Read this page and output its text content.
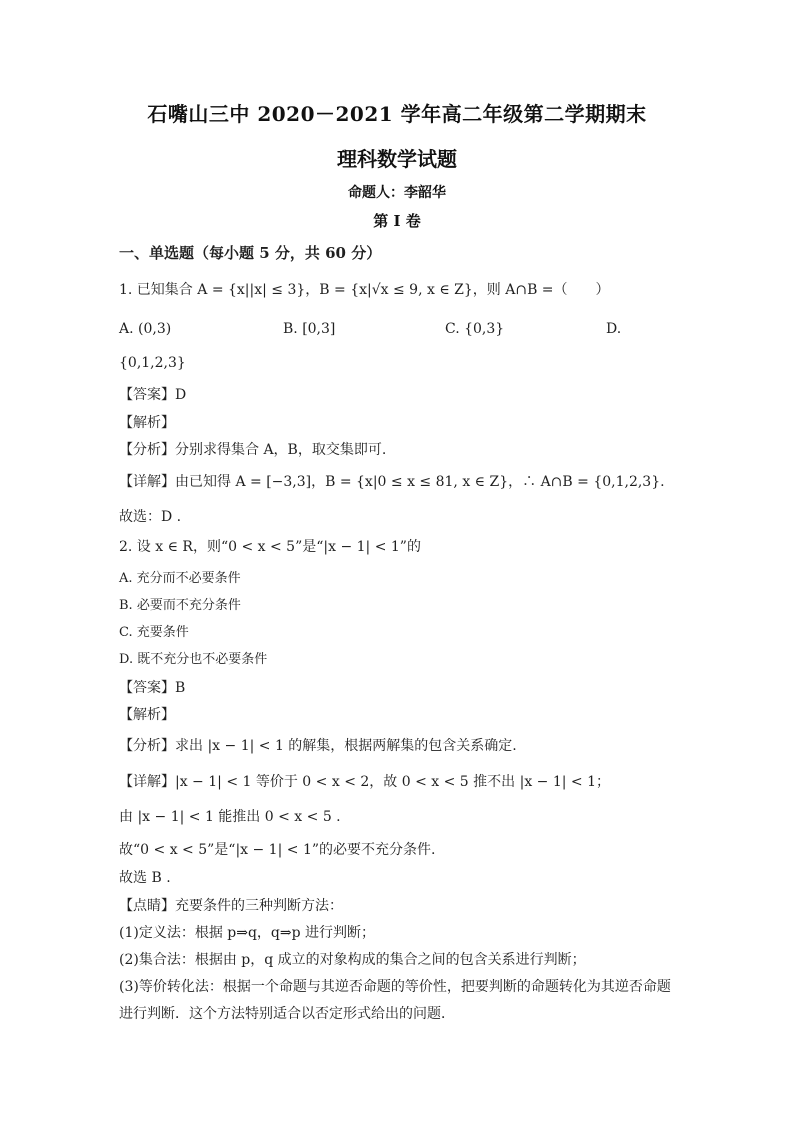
石嘴山三中 2020－2021 学年高二年级第二学期期末
理科数学试题
命题人：李韶华
第 I 卷
一、单选题（每小题 5 分，共 60 分）
1. 已知集合 A = {x||x| ≤ 3}，B = {x|√x ≤ 9, x ∈ Z}，则 A∩B =（　　）
A. (0,3)	B. [0,3]	C. {0,3}	D.
{0,1,2,3}
【答案】D
【解析】
【分析】分别求得集合 A，B，取交集即可.
【详解】由已知得 A = [−3,3]，B = {x|0 ≤ x ≤ 81, x ∈ Z}，∴ A∩B = {0,1,2,3}.
故选：D .
2. 设 x ∈ R，则“0 < x < 5”是“|x − 1| < 1”的
A. 充分而不必要条件
B. 必要而不充分条件
C. 充要条件
D. 既不充分也不必要条件
【答案】B
【解析】
【分析】求出 |x − 1| < 1 的解集，根据两解集的包含关系确定.
【详解】|x − 1| < 1 等价于 0 < x < 2，故 0 < x < 5 推不出 |x − 1| < 1；
由 |x − 1| < 1 能推出 0 < x < 5 .
故“0 < x < 5”是“|x − 1| < 1”的必要不充分条件.
故选 B .
【点睛】充要条件的三种判断方法：
(1)定义法：根据 p⇒q，q⇒p 进行判断；
(2)集合法：根据由 p，q 成立的对象构成的集合之间的包含关系进行判断；
(3)等价转化法：根据一个命题与其逆否命题的等价性，把要判断的命题转化为其逆否命题
进行判断．这个方法特别适合以否定形式给出的问题．
